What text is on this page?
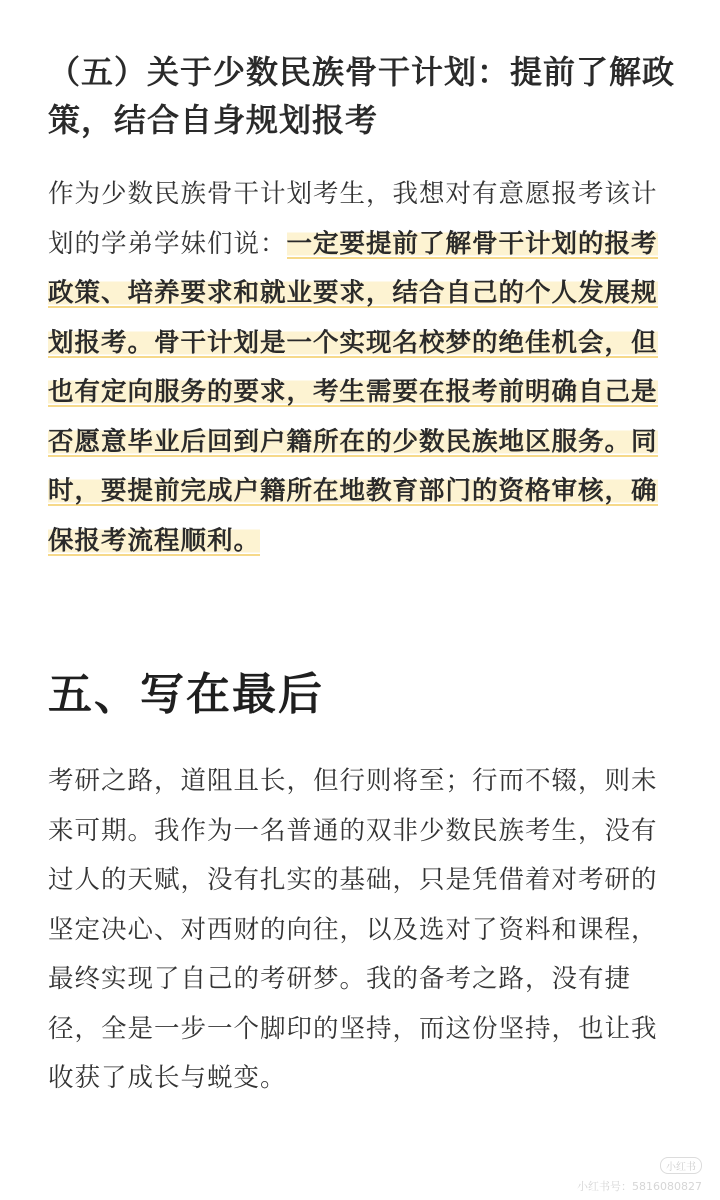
（五）关于少数民族骨干计划：提前了解政策，结合自身规划报考

作为少数民族骨干计划考生，我想对有意愿报考该计划的学弟学妹们说：一定要提前了解骨干计划的报考政策、培养要求和就业要求，结合自己的个人发展规划报考。骨干计划是一个实现名校梦的绝佳机会，但也有定向服务的要求，考生需要在报考前明确自己是否愿意毕业后回到户籍所在的少数民族地区服务。同时，要提前完成户籍所在地教育部门的资格审核，确保报考流程顺利。

五、写在最后

考研之路，道阻且长，但行则将至；行而不辍，则未来可期。我作为一名普通的双非少数民族考生，没有过人的天赋，没有扎实的基础，只是凭借着对考研的坚定决心、对西财的向往，以及选对了资料和课程，最终实现了自己的考研梦。我的备考之路，没有捷径，全是一步一个脚印的坚持，而这份坚持，也让我收获了成长与蜕变。

小红书
小红书号：5816080827
